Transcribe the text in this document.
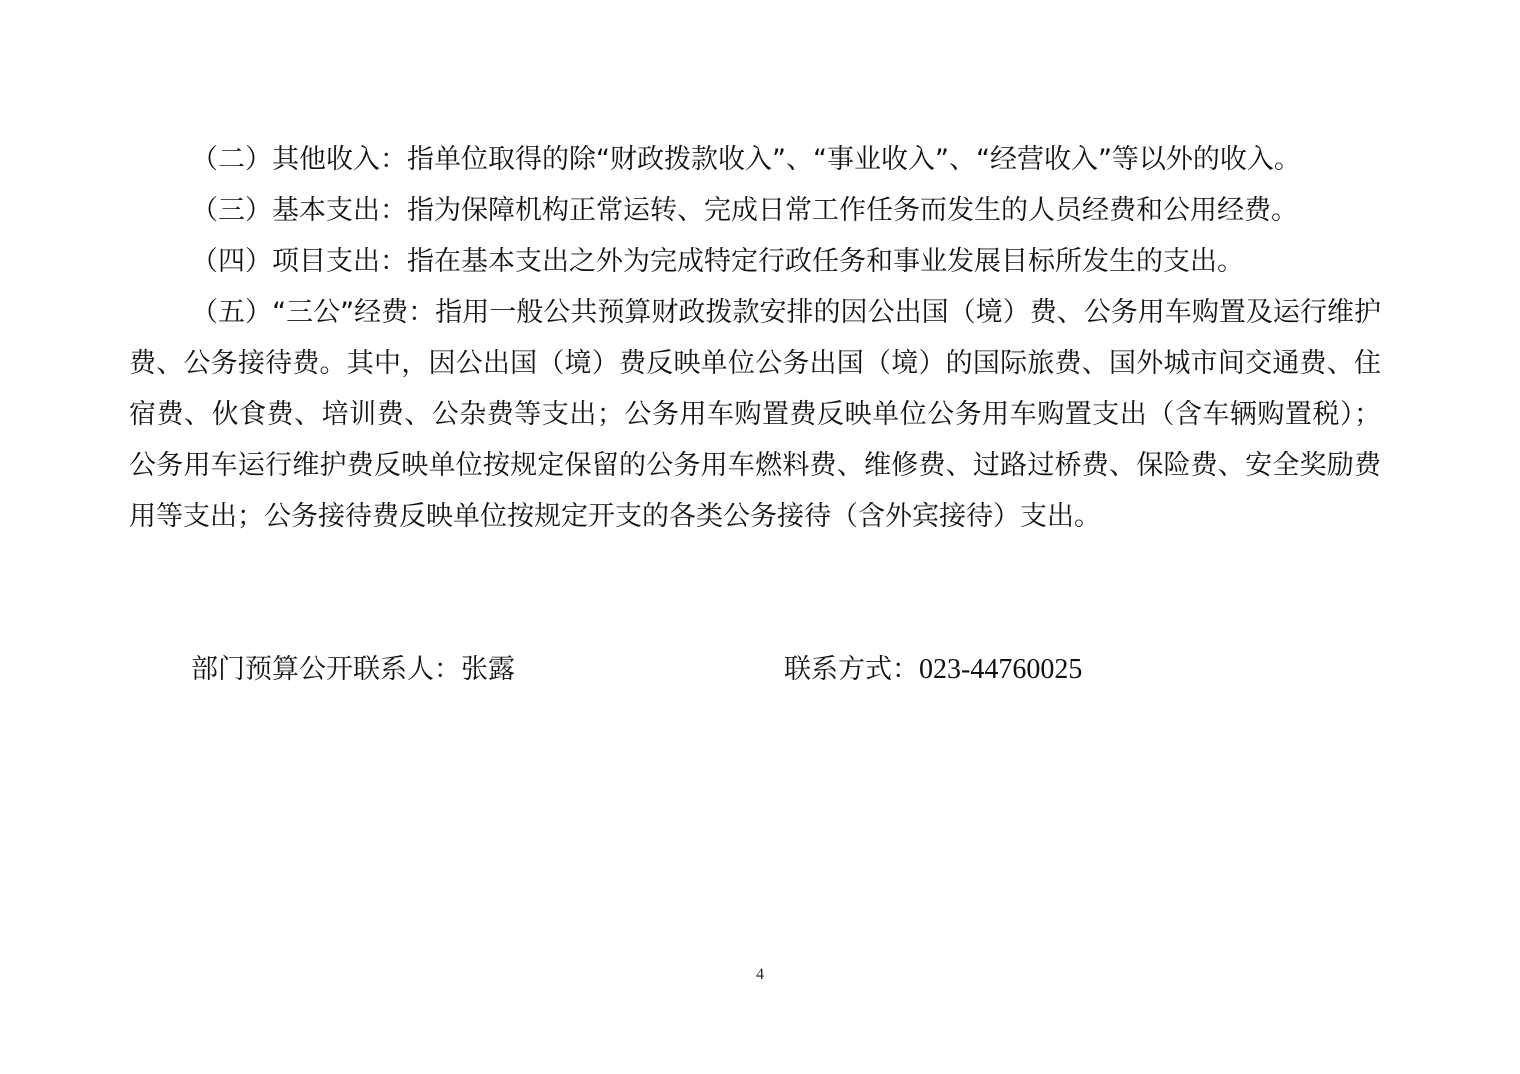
（二）其他收入：指单位取得的除“财政拨款收入”、“事业收入”、“经营收入”等以外的收入。

（三）基本支出：指为保障机构正常运转、完成日常工作任务而发生的人员经费和公用经费。

（四）项目支出：指在基本支出之外为完成特定行政任务和事业发展目标所发生的支出。

（五）“三公”经费：指用一般公共预算财政拨款安排的因公出国（境）费、公务用车购置及运行维护费、公务接待费。其中，因公出国（境）费反映单位公务出国（境）的国际旅费、国外城市间交通费、住宿费、伙食费、培训费、公杂费等支出；公务用车购置费反映单位公务用车购置支出（含车辆购置税）；公务用车运行维护费反映单位按规定保留的公务用车燃料费、维修费、过路过桥费、保险费、安全奖励费用等支出；公务接待费反映单位按规定开支的各类公务接待（含外宾接待）支出。

部门预算公开联系人：张露	联系方式：023-44760025
4
